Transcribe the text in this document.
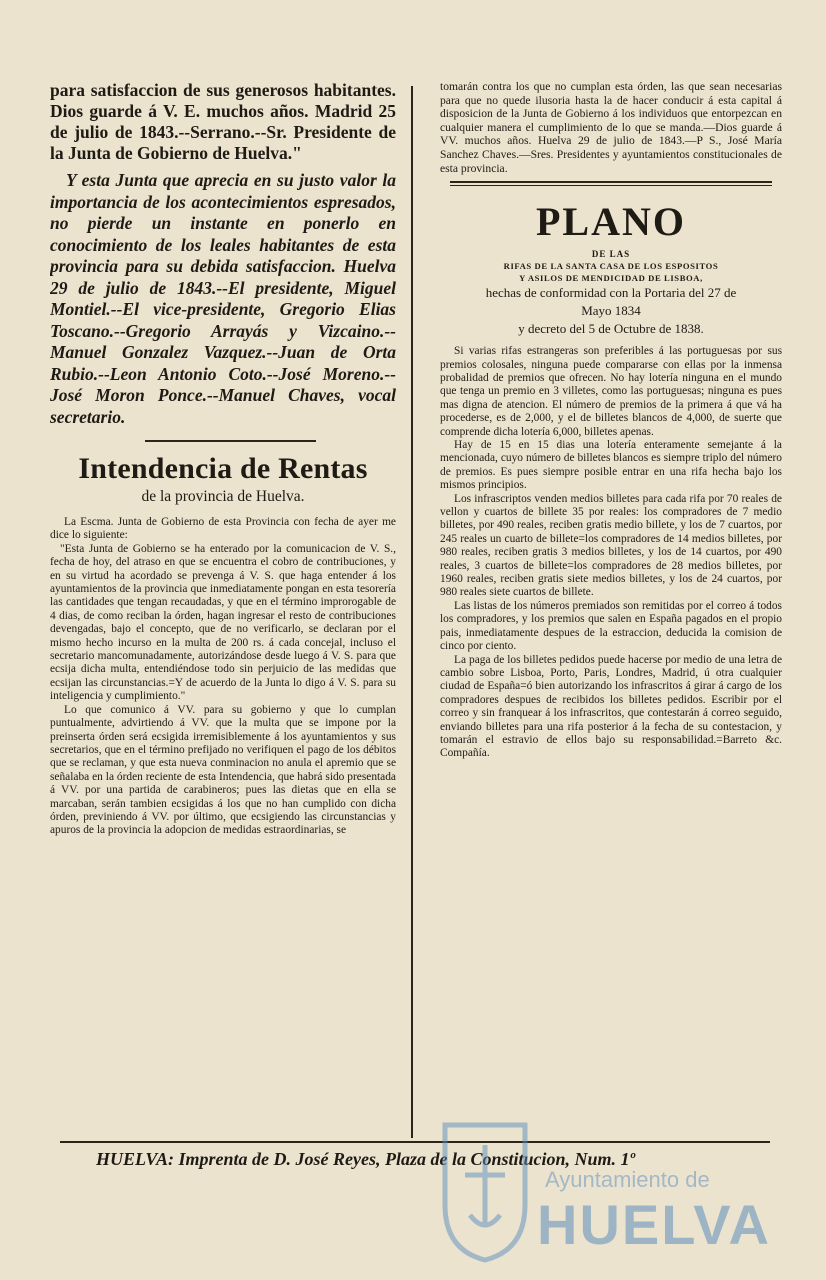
para satisfaccion de sus generosos habitantes. Dios guarde á V. E. muchos años. Madrid 25 de julio de 1843.--Serrano.--Sr. Presidente de la Junta de Gobierno de Huelva."

Y esta Junta que aprecia en su justo valor la importancia de los acontecimientos espresados, no pierde un instante en ponerlo en conocimiento de los leales habitantes de esta provincia para su debida satisfaccion. Huelva 29 de julio de 1843.--El presidente, Miguel Montiel.--El vice-presidente, Gregorio Elias Toscano.--Gregorio Arrayás y Vizcaino.--Manuel Gonzalez Vazquez.--Juan de Orta Rubio.--Leon Antonio Coto.--José Moreno.--José Moron Ponce.--Manuel Chaves, vocal secretario.

Intendencia de Rentas
de la provincia de Huelva.

La Escma. Junta de Gobierno de esta Provincia con fecha de ayer me dice lo siguiente:

"Esta Junta de Gobierno se ha enterado por la comunicacion de V. S., fecha de hoy, del atraso en que se encuentra el cobro de contribuciones, y en su virtud ha acordado se prevenga á V. S. que haga entender á los ayuntamientos de la provincia que inmediatamente pongan en esta tesorería las cantidades que tengan recaudadas, y que en el término improrogable de 4 dias, de como reciban la órden, hagan ingresar el resto de contribuciones devengadas, bajo el concepto, que de no verificarlo, se declaran por el mismo hecho incurso en la multa de 200 rs. á cada concejal, incluso el secretario mancomunadamente, autorizándose desde luego á V. S. para que ecsija dicha multa, entendiéndose todo sin perjuicio de las medidas que ecsijan las circunstancias.=Y de acuerdo de la Junta lo digo á V. S. para su inteligencia y cumplimiento."

Lo que comunico á VV. para su gobierno y que lo cumplan puntualmente, advirtiendo á VV. que la multa que se impone por la preinserta órden será ecsigida irremisiblemente á los ayuntamientos y sus secretarios, que en el término prefijado no verifiquen el pago de los débitos que se reclaman, y que esta nueva conminacion no anula el apremio que se señalaba en la órden reciente de esta Intendencia, que habrá sido presentada á VV. por una partida de carabineros; pues las dietas que en ella se marcaban, serán tambien ecsigidas á los que no han cumplido con dicha órden, previniendo á VV. por último, que ecsigiendo las circunstancias y apuros de la provincia la adopcion de medidas estraordinarias, se

tomarán contra los que no cumplan esta órden, las que sean necesarias para que no quede ilusoria hasta la de hacer conducir á esta capital á disposicion de la Junta de Gobierno á los individuos que entorpezcan en cualquier manera el cumplimiento de lo que se manda.—Dios guarde á VV. muchos años. Huelva 29 de julio de 1843.—P S., José María Sanchez Chaves.—Sres. Presidentes y ayuntamientos constitucionales de esta provincia.

PLANO
DE LAS
RIFAS DE LA SANTA CASA DE LOS ESPOSITOS
Y ASILOS DE MENDICIDAD DE LISBOA,
hechas de conformidad con la Portaria del 27 de
Mayo 1834
y decreto del 5 de Octubre de 1838.

Si varias rifas estrangeras son preferibles á las portuguesas por sus premios colosales, ninguna puede compararse con ellas por la inmensa probalidad de premios que ofrecen. No hay lotería ninguna en el mundo que tenga un premio en 3 villetes, como las portuguesas; ninguna es pues mas digna de atencion. El número de premios de la primera á que vá ha procederse, es de 2,000, y el de billetes blancos de 4,000, de suerte que comprende dicha lotería 6,000, billetes apenas.

Hay de 15 en 15 dias una lotería enteramente semejante á la mencionada, cuyo número de billetes blancos es siempre triplo del número de premios. Es pues siempre posible entrar en una rifa hecha bajo los mismos principios.

Los infrascriptos venden medios billetes para cada rifa por 70 reales de vellon y cuartos de billete 35 por reales: los compradores de 7 medio billetes, por 490 reales, reciben gratis medio billete, y los de 7 cuartos, por 245 reales un cuarto de billete=los compradores de 14 medios billetes, por 980 reales, reciben gratis 3 medios billetes, y los de 14 cuartos, por 490 reales, 3 cuartos de billete=los compradores de 28 medios billetes, por 1960 reales, reciben gratis siete medios billetes, y los de 24 cuartos, por 980 reales siete cuartos de billete.

Las listas de los números premiados son remitidas por el correo á todos los compradores, y los premios que salen en España pagados en el propio pais, inmediatamente despues de la estraccion, deducida la comision de cinco por ciento.

La paga de los billetes pedidos puede hacerse por medio de una letra de cambio sobre Lisboa, Porto, Paris, Londres, Madrid, ú otra cualquier ciudad de España=ó bien autorizando los infrascritos á girar á cargo de los compradores despues de recibidos los billetes pedidos. Escribir por el correo y sin franquear á los infrascritos, que contestarán á correo seguido, enviando billetes para una rifa posterior á la fecha de su contestacion, y tomarán el estravio de ellos bajo su responsabilidad.=Barreto &c. Compañía.

HUELVA: Imprenta de D. José Reyes, Plaza de la Constitucion, Num. 1º
Ayuntamiento de
HUELVA
